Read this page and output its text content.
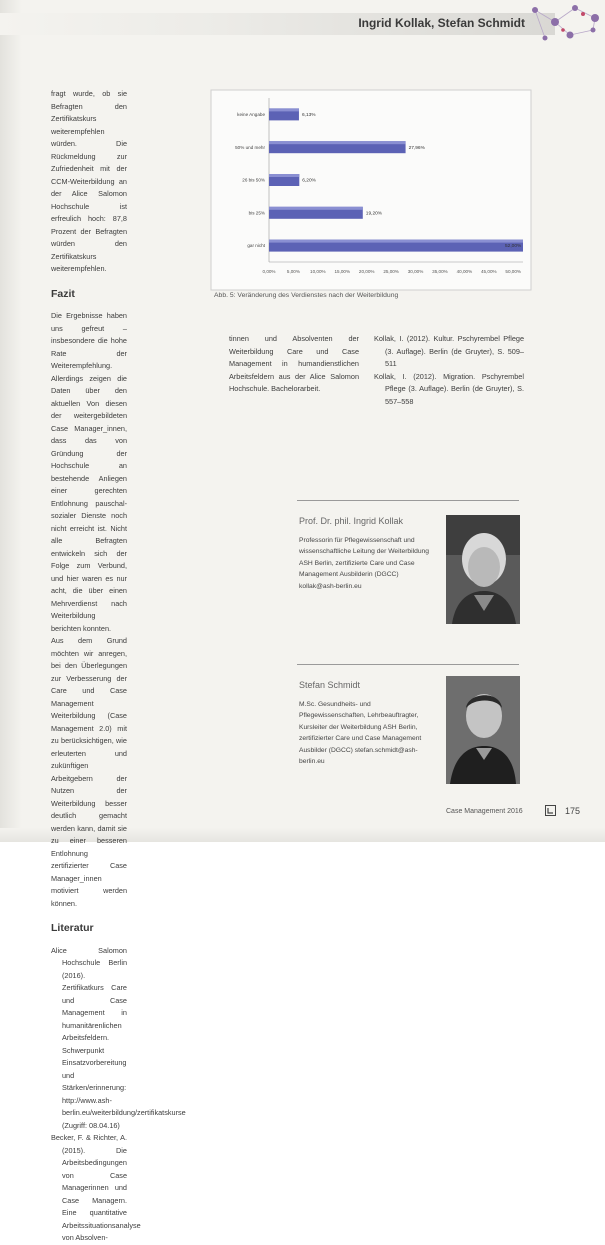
Ingrid Kollak, Stefan Schmidt

fragt wurde, ob sie Befragten den Zertifikatskurs weiterempfehlen würden. Die Rückmeldung zur Zufriedenheit mit der CCM-Weiterbildung an der Alice Salomon Hochschule ist erfreulich hoch: 87,8 Prozent der Befragten würden den Zertifikatskurs weiterempfehlen.

Fazit

Die Ergebnisse haben uns gefreut – insbesondere die hohe Rate der Weiterempfehlung. Allerdings zeigen die Daten über den aktuellen Von diesen der weitergebildeten Case Manager_innen, dass das von Gründung der Hochschule an bestehende Anliegen einer gerechten Entlohnung pauschal-sozialer Dienste noch nicht erreicht ist. Nicht alle Befragten entwickeln sich der Folge zum Verbund, und hier waren es nur acht, die über einen Mehrverdienst nach Weiterbildung berichten konnten.

Aus dem Grund möchten wir anregen, bei den Überlegungen zur Verbesserung der Care und Case Management Weiterbildung (Case Management 2.0) mit zu berücksichtigen, wie erleuterten und zukünftigen Arbeitgebern der Nutzen der Weiterbildung besser deutlich gemacht werden kann, damit sie zu einer besseren Entlohnung zertifizierter Case Manager_innen motiviert werden können.

Literatur

Alice Salomon Hochschule Berlin (2016). Zertifikatkurs Care und Case Management in humanitärenlichen Arbeitsfeldern. Schwerpunkt Einsatzvorbereitung und Stärken/erinnerung: http://www.ash-berlin.eu/weiterbildung/zertifikatskurse (Zugriff: 08.04.16)

Becker, F. & Richter, A. (2015). Die Arbeitsbedingungen von Case Managerinnen und Case Managern. Eine quantitative Arbeitssituationsanalyse von Absolven-

0,00% 5,00% 10,00% 15,00% 20,00% 25,00% 30,00% 35,00% 40,00% 45,00% 50,00%
keine Angabe	6,13%
50% und mehr	27,96%
26 bis 50%	6,20%
bis 25%	19,20%
gar nicht	52,00%
Abb. 5: Veränderung des Verdienstes nach der Weiterbildung

tinnen und Absolventen der Weiterbildung Care und Case Management in humandienstlichen Arbeitsfeldern aus der Alice Salomon Hochschule. Bachelorarbeit.

Kollak, I. (2012). Kultur. Pschyrembel Pflege (3. Auflage). Berlin (de Gruyter), S. 509–511

Kollak, I. (2012). Migration. Pschyrembel Pflege (3. Auflage). Berlin (de Gruyter), S. 557–558

Prof. Dr. phil. Ingrid Kollak
Professorin für Pflegewissenschaft und wissenschaftliche Leitung der Weiterbildung ASH Berlin, zertifizierte Care und Case Management Ausbilderin (DGCC) kollak@ash-berlin.eu
Stefan Schmidt
M.Sc. Gesundheits- und Pflegewissenschaften, Lehrbeauftragter, Kursleiter der Weiterbildung ASH Berlin, zertifizierter Care und Case Management Ausbilder (DGCC) stefan.schmidt@ash-berlin.eu
Case Management 2016	175
